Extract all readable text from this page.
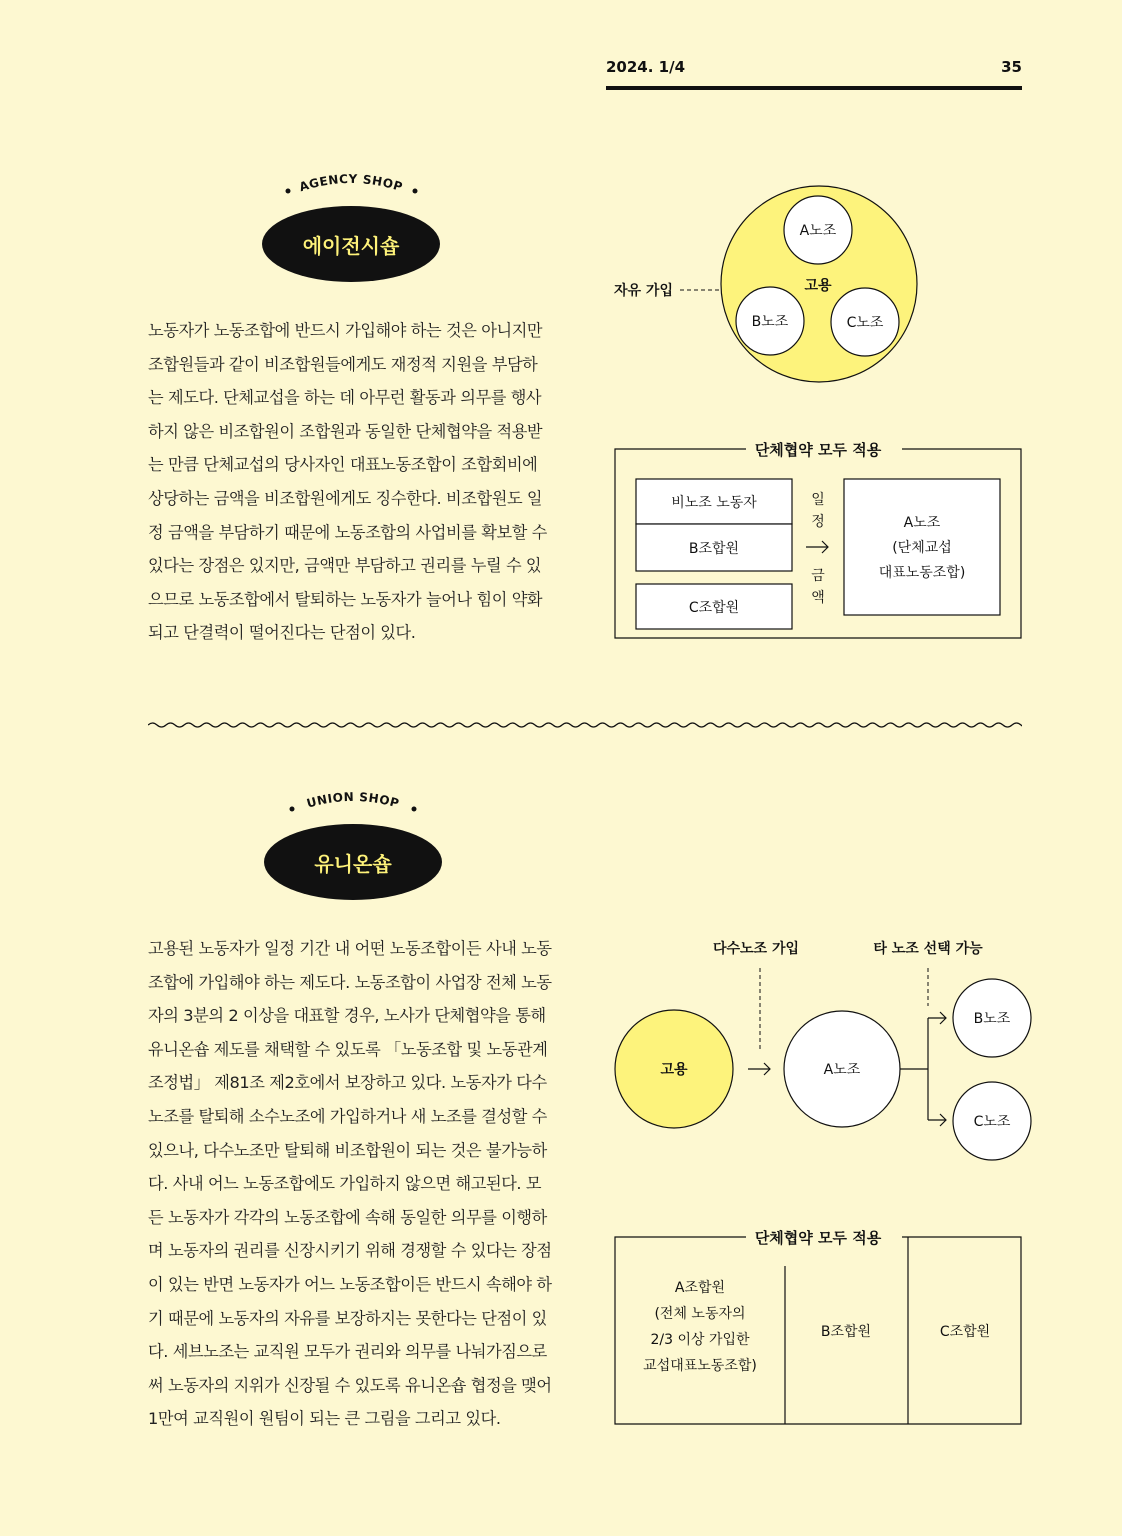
2024. 1/4	35
AGENCY SHOP
에이전시숍
노동자가 노동조합에 반드시 가입해야 하는 것은 아니지만
조합원들과 같이 비조합원들에게도 재정적 지원을 부담하
는 제도다. 단체교섭을 하는 데 아무런 활동과 의무를 행사
하지 않은 비조합원이 조합원과 동일한 단체협약을 적용받
는 만큼 단체교섭의 당사자인 대표노동조합이 조합회비에
상당하는 금액을 비조합원에게도 징수한다. 비조합원도 일
정 금액을 부담하기 때문에 노동조합의 사업비를 확보할 수
있다는 장점은 있지만, 금액만 부담하고 권리를 누릴 수 있
으므로 노동조합에서 탈퇴하는 노동자가 늘어나 힘이 약화
되고 단결력이 떨어진다는 단점이 있다.
A노조
B노조	C노조
고용
자유 가입
단체협약 모두 적용
비노조 노동자
B조합원
C조합원
일
정
금
액
A노조
(단체교섭
대표노동조합)
UNION SHOP
유니온숍
고용된 노동자가 일정 기간 내 어떤 노동조합이든 사내 노동
조합에 가입해야 하는 제도다. 노동조합이 사업장 전체 노동
자의 3분의 2 이상을 대표할 경우, 노사가 단체협약을 통해
유니온숍 제도를 채택할 수 있도록 「노동조합 및 노동관계
조정법」 제81조 제2호에서 보장하고 있다. 노동자가 다수
노조를 탈퇴해 소수노조에 가입하거나 새 노조를 결성할 수
있으나, 다수노조만 탈퇴해 비조합원이 되는 것은 불가능하
다. 사내 어느 노동조합에도 가입하지 않으면 해고된다. 모
든 노동자가 각각의 노동조합에 속해 동일한 의무를 이행하
며 노동자의 권리를 신장시키기 위해 경쟁할 수 있다는 장점
이 있는 반면 노동자가 어느 노동조합이든 반드시 속해야 하
기 때문에 노동자의 자유를 보장하지는 못한다는 단점이 있
다. 세브노조는 교직원 모두가 권리와 의무를 나눠가짐으로
써 노동자의 지위가 신장될 수 있도록 유니온숍 협정을 맺어
1만여 교직원이 원팀이 되는 큰 그림을 그리고 있다.
다수노조 가입	타 노조 선택 가능
고용	A노조
B노조
C노조
단체협약 모두 적용
A조합원
(전체 노동자의
2/3 이상 가입한
교섭대표노동조합)
B조합원	C조합원
